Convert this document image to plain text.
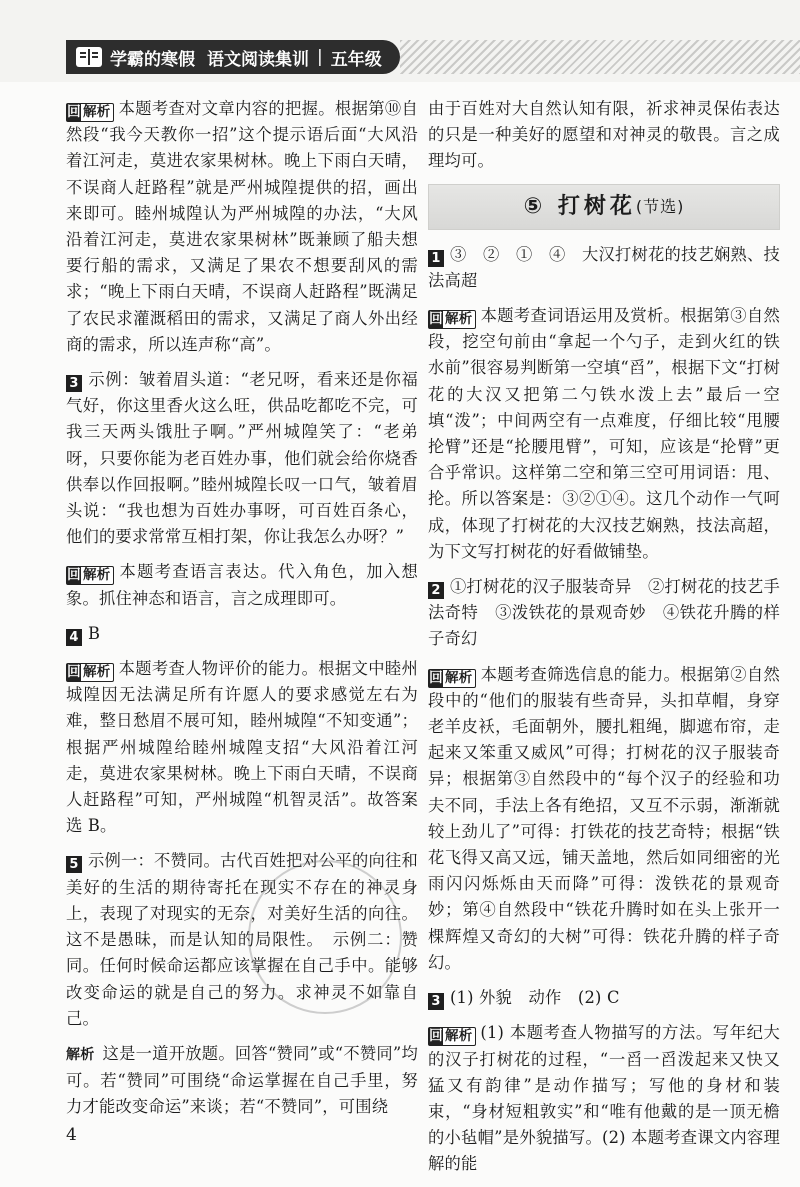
学霸的寒假 语文阅读集训 | 五年级

回 解析 本题考查对文章内容的把握。根据第⑩自然段“我今天教你一招”这个提示语后面“大风沿着江河走，莫进农家果树林。晚上下雨白天晴，不误商人赶路程”就是严州城隍提供的招，画出来即可。睦州城隍认为严州城隍的办法，“大风沿着江河走，莫进农家果树林”既兼顾了船夫想要行船的需求，又满足了果农不想要刮风的需求；“晚上下雨白天晴，不误商人赶路程”既满足了农民求灌溉稻田的需求，又满足了商人外出经商的需求，所以连声称“高”。

3 示例：皱着眉头道：“老兄呀，看来还是你福气好，你这里香火这么旺，供品吃都吃不完，可我三天两头饿肚子啊。”严州城隍笑了：“老弟呀，只要你能为老百姓办事，他们就会给你烧香供奉以作回报啊。”睦州城隍长叹一口气，皱着眉头说：“我也想为百姓办事呀，可百姓百条心，他们的要求常常互相打架，你让我怎么办呀？”

回 解析 本题考查语言表达。代入角色，加入想象。抓住神态和语言，言之成理即可。

4 B

回 解析 本题考查人物评价的能力。根据文中睦州城隍因无法满足所有许愿人的要求感觉左右为难，整日愁眉不展可知，睦州城隍“不知变通”；根据严州城隍给睦州城隍支招“大风沿着江河走，莫进农家果树林。晚上下雨白天晴，不误商人赶路程”可知，严州城隍“机智灵活”。故答案选 B。

5 示例一：不赞同。古代百姓把对公平的向往和美好的生活的期待寄托在现实不存在的神灵身上，表现了对现实的无奈，对美好生活的向往。这不是愚昧，而是认知的局限性。　示例二：赞同。任何时候命运都应该掌握在自己手中。能够改变命运的就是自己的努力。求神灵不如靠自己。

解析 这是一道开放题。回答“赞同”或“不赞同”均可。若“赞同”可围绕“命运掌握在自己手里，努力才能改变命运”来谈；若“不赞同”，可围绕

由于百姓对大自然认知有限，祈求神灵保佑表达的只是一种美好的愿望和对神灵的敬畏。言之成理均可。

⑤ 打树花 (节选)

1 ③　②　①　④　大汉打树花的技艺娴熟、技法高超

回 解析 本题考查词语运用及赏析。根据第③自然段，挖空句前由“拿起一个勺子，走到火红的铁水前”很容易判断第一空填“舀”，根据下文“打树花的大汉又把第二勺铁水泼上去”最后一空填“泼”；中间两空有一点难度，仔细比较“甩腰抡臂”还是“抡腰甩臂”，可知，应该是“抡臂”更合乎常识。这样第二空和第三空可用词语：甩、抡。所以答案是：③②①④。这几个动作一气呵成，体现了打树花的大汉技艺娴熟，技法高超，为下文写打树花的好看做铺垫。

2 ①打树花的汉子服装奇异　②打树花的技艺手法奇特　③泼铁花的景观奇妙　④铁花升腾的样子奇幻

回 解析 本题考查筛选信息的能力。根据第②自然段中的“他们的服装有些奇异，头扣草帽，身穿老羊皮袄，毛面朝外，腰扎粗绳，脚遮布帘，走起来又笨重又威风”可得；打树花的汉子服装奇异；根据第③自然段中的“每个汉子的经验和功夫不同，手法上各有绝招，又互不示弱，渐渐就较上劲儿了”可得：打铁花的技艺奇特；根据“铁花飞得又高又远，铺天盖地，然后如同细密的光雨闪闪烁烁由天而降”可得：泼铁花的景观奇妙；第④自然段中“铁花升腾时如在头上张开一棵辉煌又奇幻的大树”可得：铁花升腾的样子奇幻。

3 (1) 外貌　动作　(2) C

回 解析 (1) 本题考查人物描写的方法。写年纪大的汉子打树花的过程，“一舀一舀泼起来又快又猛又有韵律”是动作描写；写他的身材和装束，“身材短粗敦实”和“唯有他戴的是一顶无檐的小毡帽”是外貌描写。(2) 本题考查课文内容理解的能

4
